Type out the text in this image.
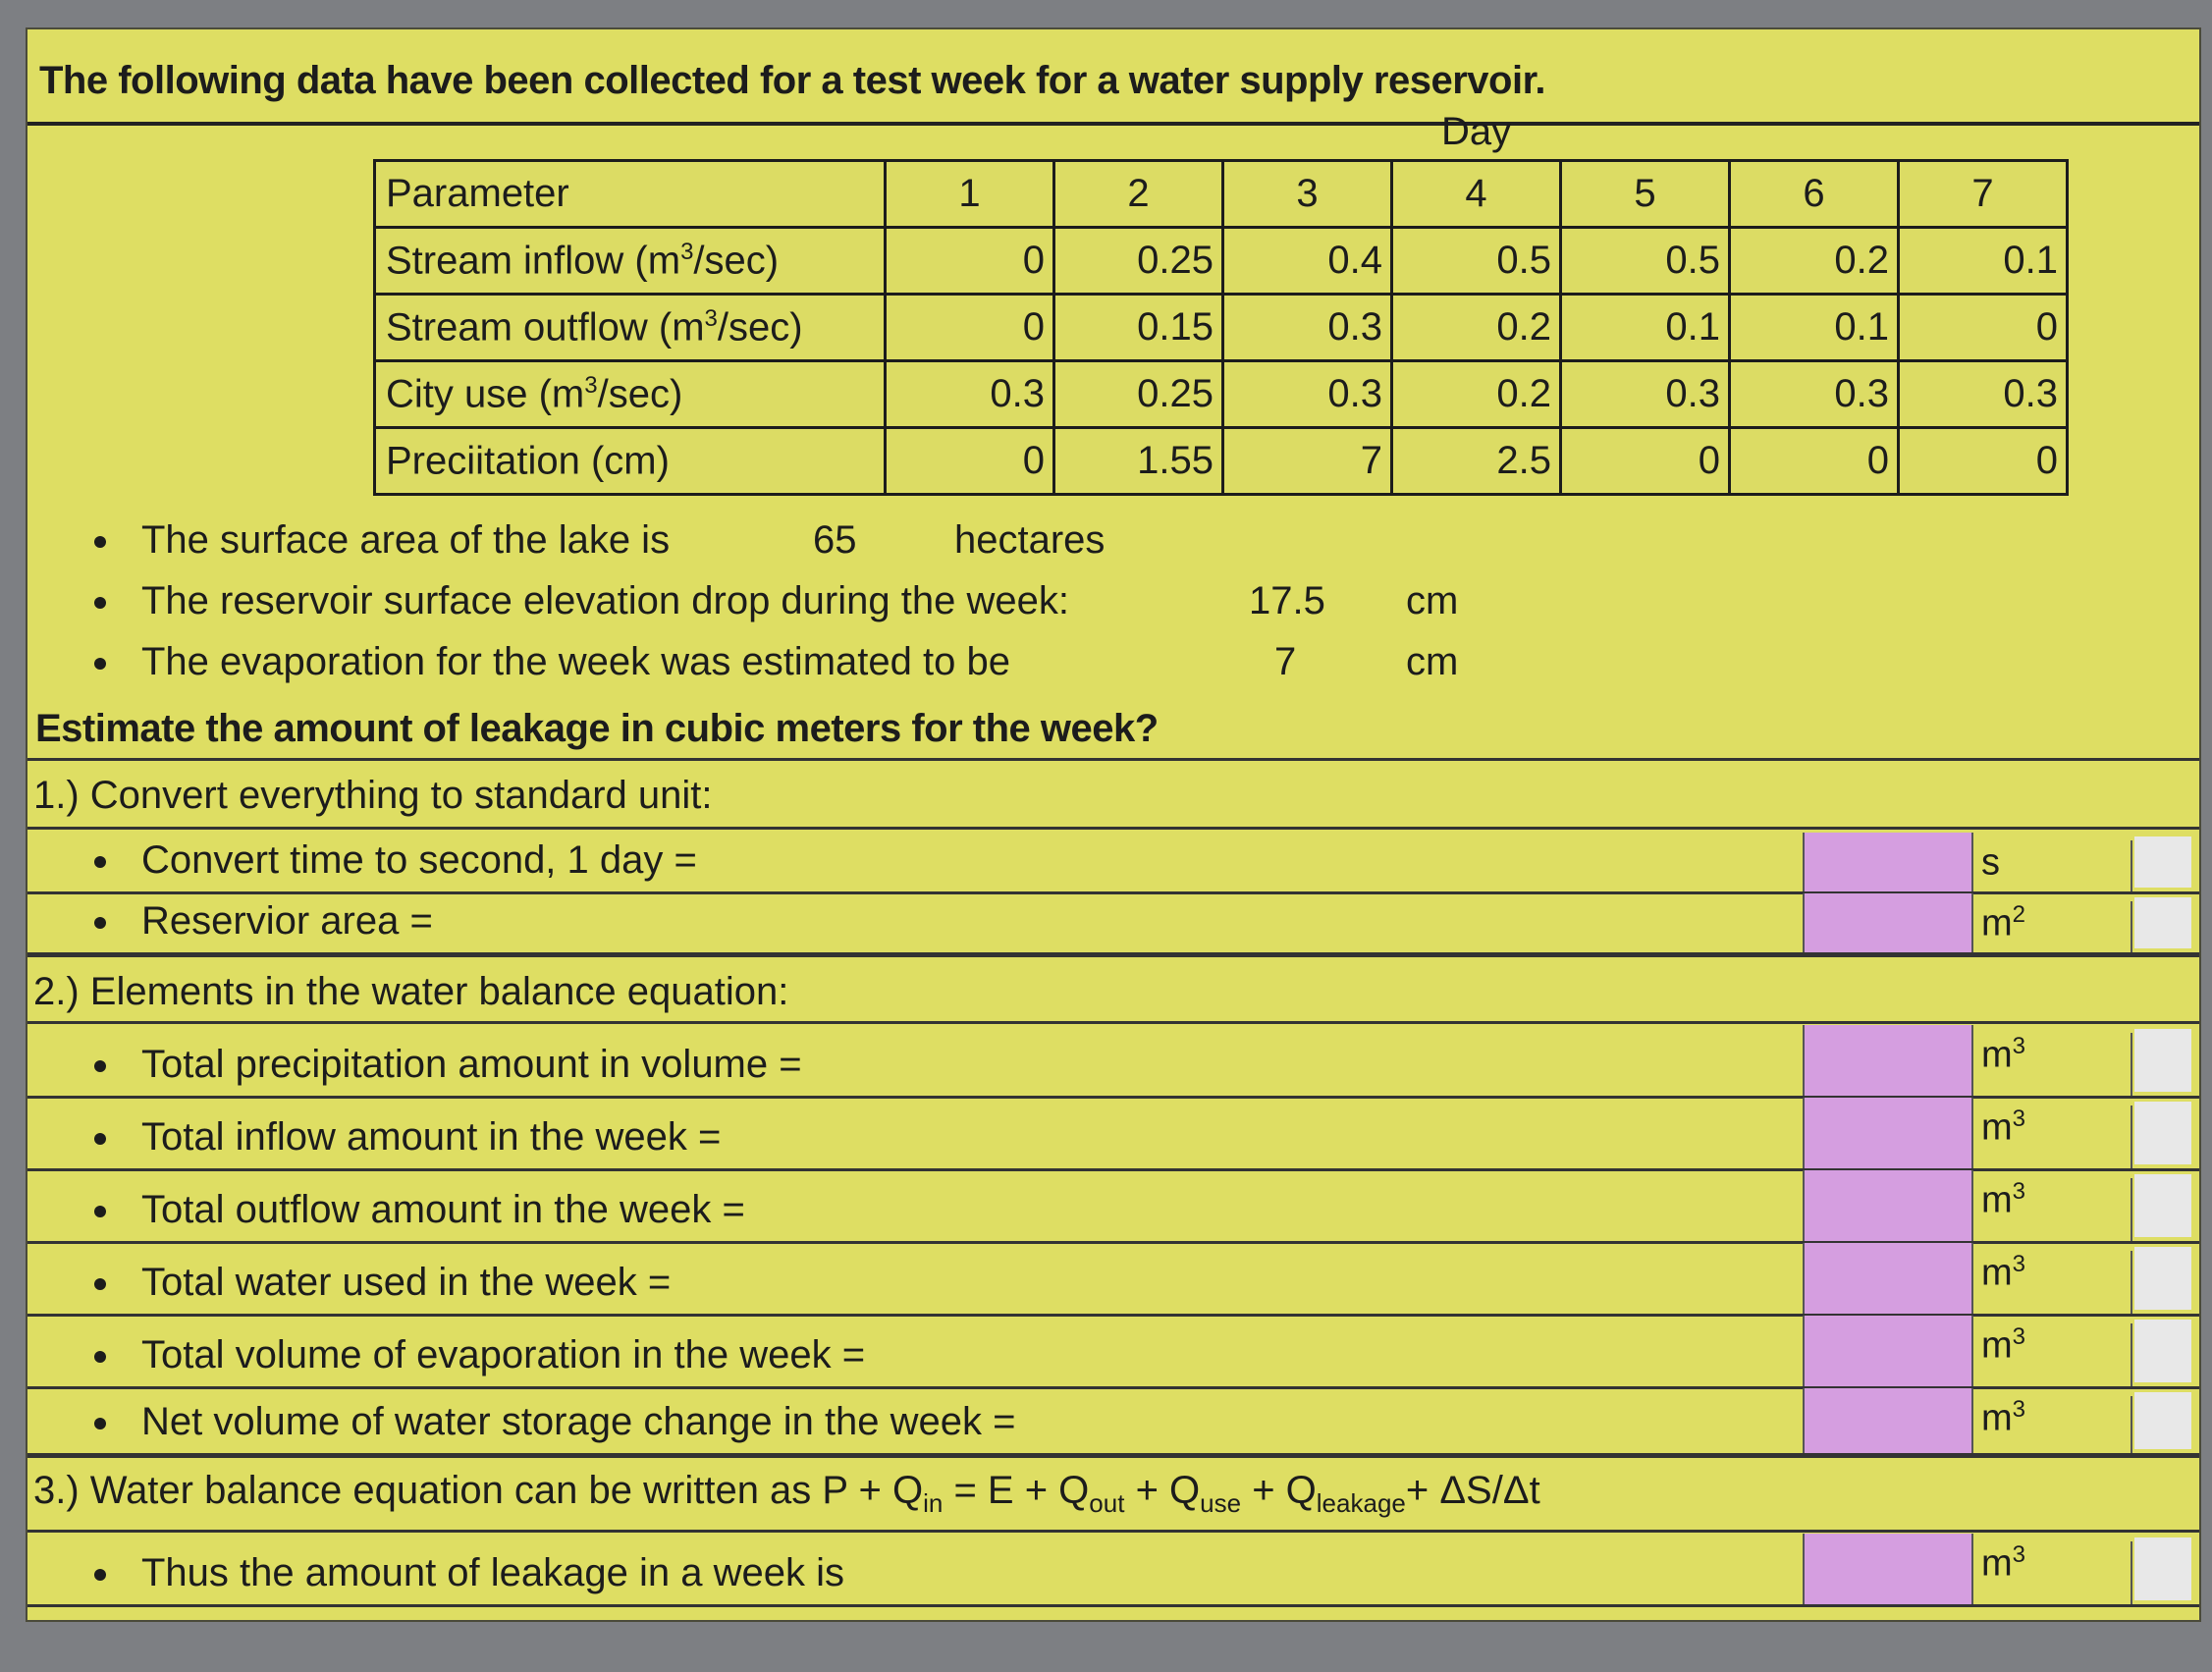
The following data have been collected for a test week for a water supply reservoir.
Day
Parameter	1	2	3	4	5	6	7
Stream inflow $(m^3/\sec)$	0	0.25	0.4	0.5	0.5	0.2	0.1
Stream outflow $(m^3/\sec)$	0	0.15	0.3	0.2	0.1	0.1	0
City use $(m^3/\sec)$	0.3	0.25	0.3	0.2	0.3	0.3	0.3
Preciitation (cm)	0	1.55	7	2.5	0	0	0
The surface area of the lake is	65 hectares
The reservoir surface elevation drop during the week:	17.5 cm
The evaporation for the week was estimated to be	7	cm
Estimate the amount of leakage in cubic meters for the week?
1.) Convert everything to standard unit:
Convert time to second, 1 day =	s
Reservior area =	$m^2$
Total precipitation amount in volume =	$m^3$
Total inflow amount in the week =	$m^3$
Total outflow amount in the week =	$m^3$
Total water used in the week =	$m^3$
Total volume of evaporation in the week =	$m^3$
Net volume of water storage change in the week =	$m^3$
2.) Elements in the water balance equation:
3.) Water balance equation can be written as $P + Q_{in} = E + Q_{out} + Q_{use} + Q_{leakage}+ \Delta S/\Delta t$
Thus the amount of leakage in a week is	$m^3$
